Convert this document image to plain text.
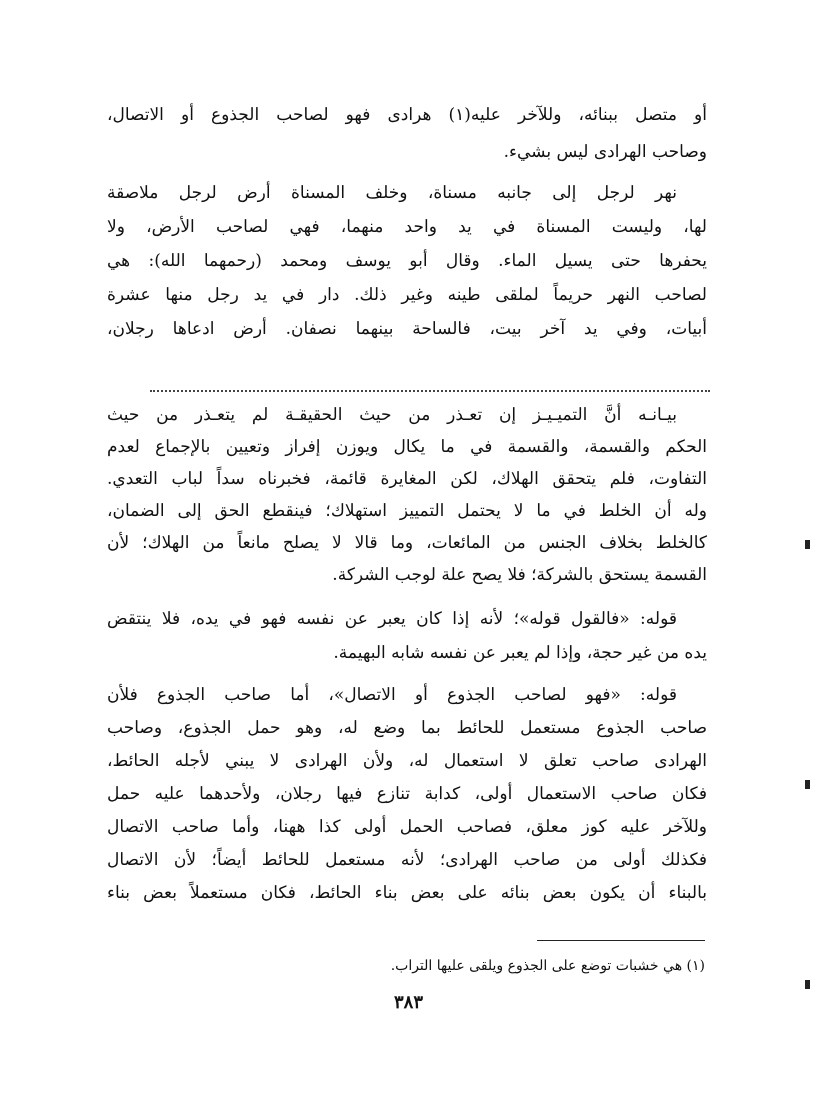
أو متصل ببنائه، وللآخر عليه(١) هرادى فهو لصاحب الجذوع أو الاتصال،
وصاحب الهرادى ليس بشيء.
نهر لرجل إلى جانبه مسناة، وخلف المسناة أرض لرجل ملاصقة
لها، وليست المسناة في يد واحد منهما، فهي لصاحب الأرض، ولا
يحفرها حتى يسيل الماء. وقال أبو يوسف ومحمد (رحمهما الله): هي
لصاحب النهر حريماً لملقى طينه وغير ذلك. دار في يد رجل منها عشرة
أبيات، وفي يد آخر بيت، فالساحة بينهما نصفان. أرض ادعاها رجلان،
بيـانـه أنَّ التميـيـز إن تعـذر من حيث الحقيقـة لم يتعـذر من حيث
الحكم والقسمة، والقسمة في ما يكال ويوزن إفراز وتعيين بالإجماع لعدم
التفاوت، فلم يتحقق الهلاك، لكن المغايرة قائمة، فخبرناه سداً لباب التعدي.
وله أن الخلط في ما لا يحتمل التمييز استهلاك؛ فينقطع الحق إلى الضمان،
كالخلط بخلاف الجنس من المائعات، وما قالا لا يصلح مانعاً من الهلاك؛ لأن
القسمة يستحق بالشركة؛ فلا يصح علة لوجب الشركة.
قوله: «فالقول قوله»؛ لأنه إذا كان يعبر عن نفسه فهو في يده، فلا ينتقض
يده من غير حجة، وإذا لم يعبر عن نفسه شابه البهيمة.
قوله: «فهو لصاحب الجذوع أو الاتصال»، أما صاحب الجذوع فلأن
صاحب الجذوع مستعمل للحائط بما وضع له، وهو حمل الجذوع، وصاحب
الهرادى صاحب تعلق لا استعمال له، ولأن الهرادى لا يبني لأجله الحائط،
فكان صاحب الاستعمال أولى، كدابة تنازع فيها رجلان، ولأحدهما عليه حمل
وللآخر عليه كوز معلق، فصاحب الحمل أولى كذا ههنا، وأما صاحب الاتصال
فكذلك أولى من صاحب الهرادى؛ لأنه مستعمل للحائط أيضاً؛ لأن الاتصال
بالبناء أن يكون بعض بنائه على بعض بناء الحائط، فكان مستعملاً بعض بناء
(١) هي خشبات توضع على الجذوع ويلقى عليها التراب.
٣٨٣
